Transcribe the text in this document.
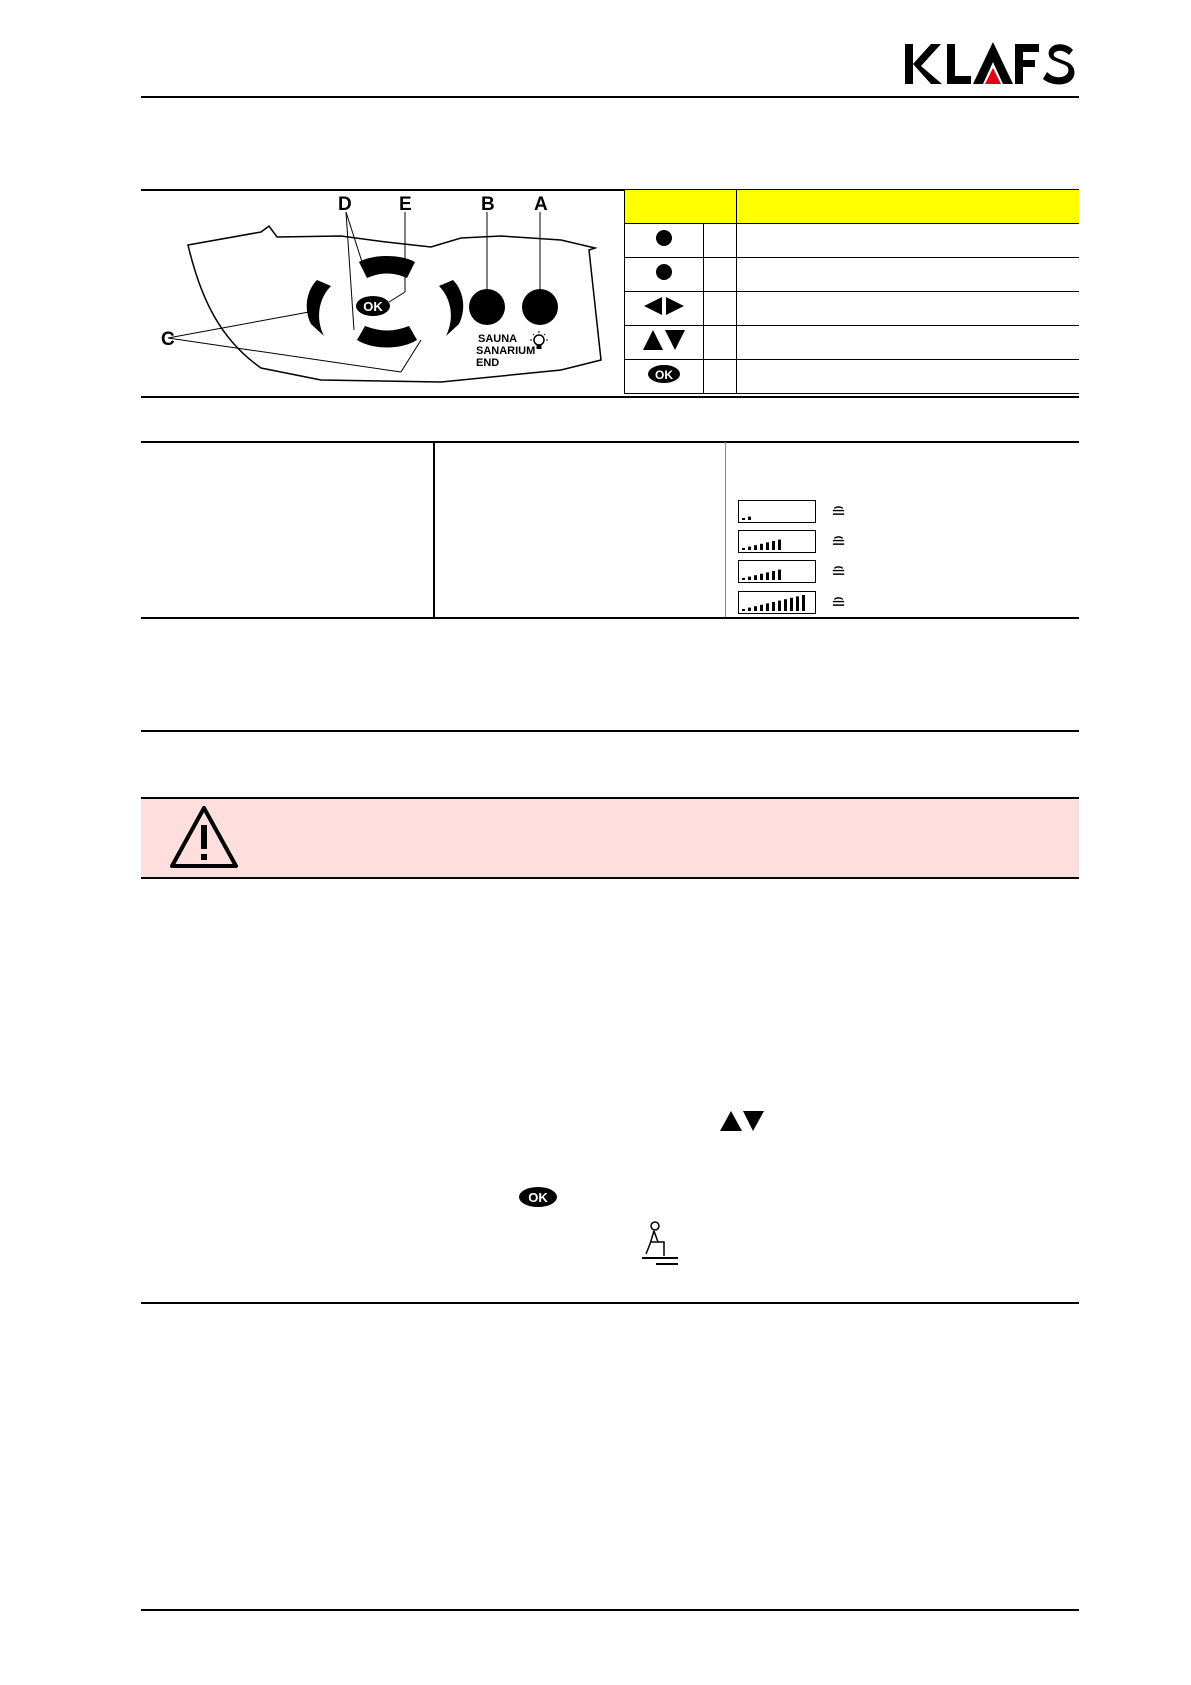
KLAFS
OK
SAUNA
SANARIUM
END
D E	B A
C

OK		

≘
≘
≘
≘
OK
